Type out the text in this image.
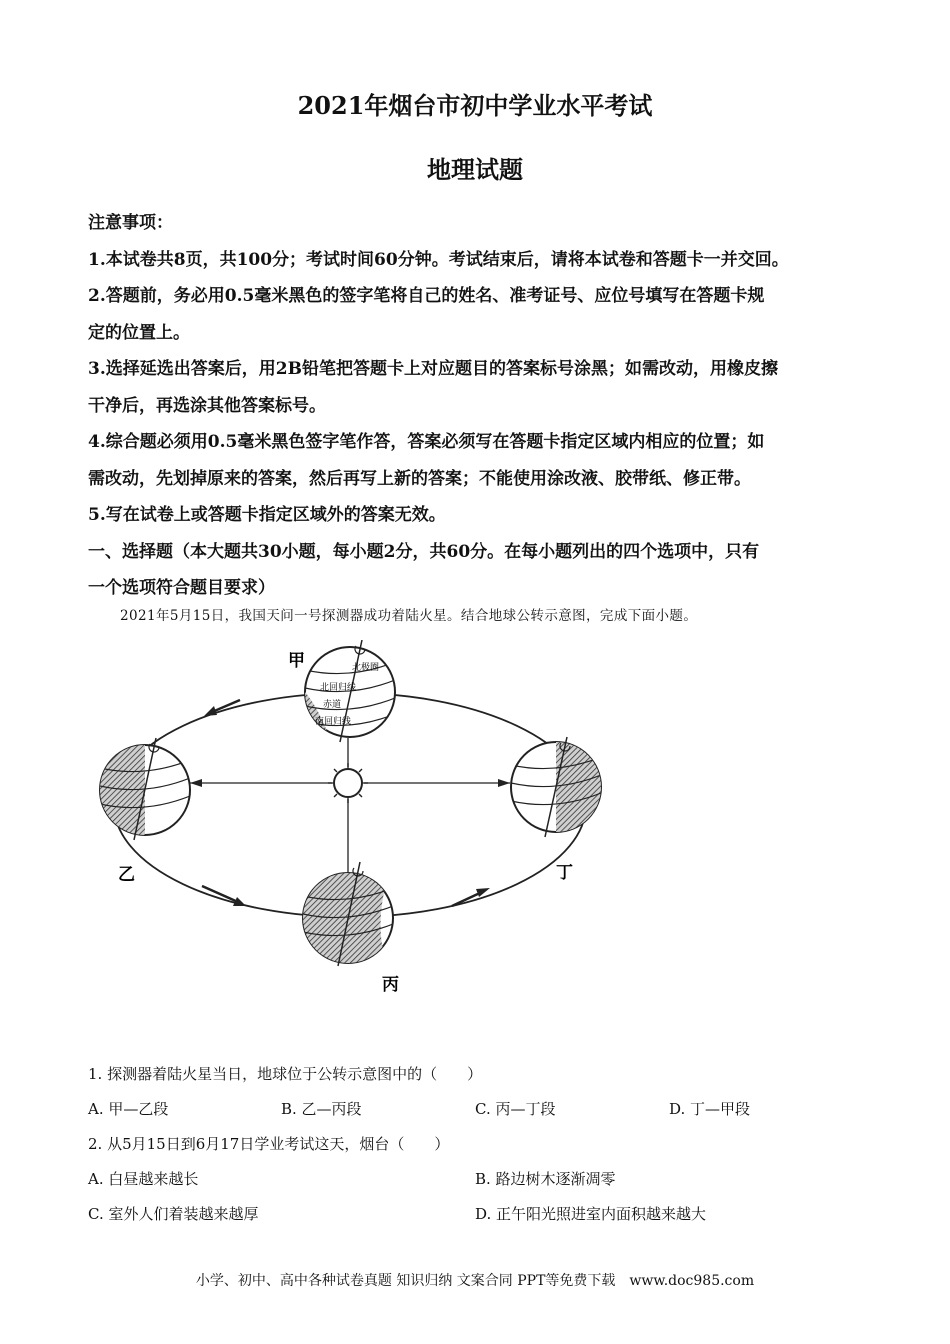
2021年烟台市初中学业水平考试
地理试题
注意事项：
1.本试卷共8页，共100分；考试时间60分钟。考试结束后，请将本试卷和答题卡一并交回。
2.答题前，务必用0.5毫米黑色的签字笔将自己的姓名、准考证号、应位号填写在答题卡规
定的位置上。
3.选择延选出答案后，用2B铅笔把答题卡上对应题目的答案标号涂黑；如需改动，用橡皮擦
干净后，再选涂其他答案标号。
4.综合题必须用0.5毫米黑色签字笔作答，答案必须写在答题卡指定区域内相应的位置；如
需改动，先划掉原来的答案，然后再写上新的答案；不能使用涂改液、胶带纸、修正带。
5.写在试卷上或答题卡指定区域外的答案无效。
一、选择题（本大题共30小题，每小题2分，共60分。在每小题列出的四个选项中，只有
一个选项符合题目要求）
2021年5月15日，我国天问一号探测器成功着陆火星。结合地球公转示意图，完成下面小题。
北极圈
北回归线
赤道
南回归线
甲
乙	丁
丙
1. 探测器着陆火星当日，地球位于公转示意图中的（　　）
A. 甲—乙段	B. 乙—丙段	C. 丙—丁段	D. 丁—甲段
2. 从5月15日到6月17日学业考试这天，烟台（　　）
A. 白昼越来越长	B. 路边树木逐渐凋零
C. 室外人们着装越来越厚	D. 正午阳光照进室内面积越来越大
小学、初中、高中各种试卷真题 知识归纳 文案合同 PPT等免费下载　www.doc985.com
